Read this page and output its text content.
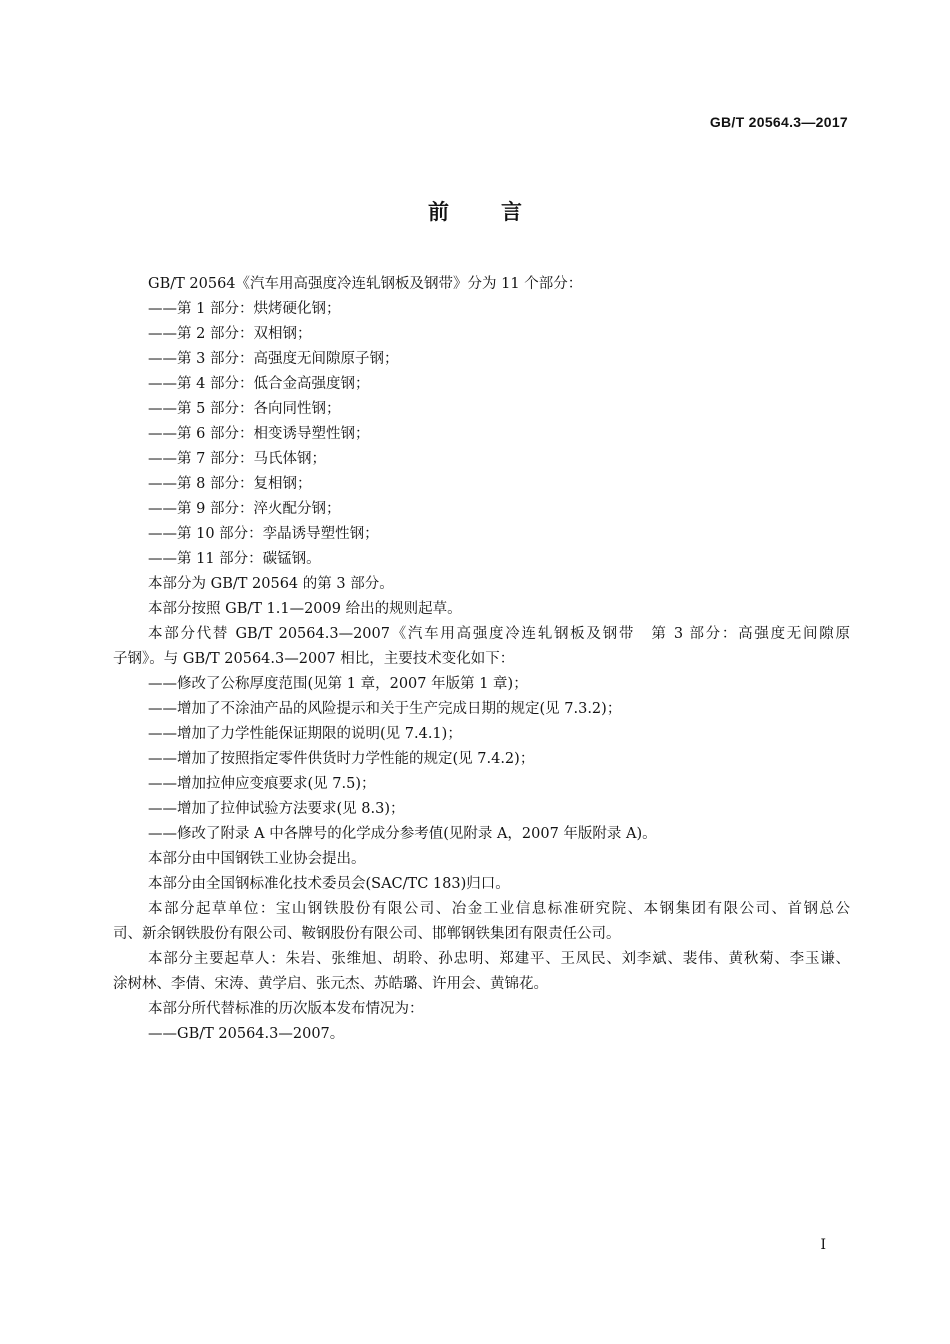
GB/T 20564.3—2017
前言
GB/T 20564《汽车用高强度冷连轧钢板及钢带》分为 11 个部分：
——第 1 部分：烘烤硬化钢；
——第 2 部分：双相钢；
——第 3 部分：高强度无间隙原子钢；
——第 4 部分：低合金高强度钢；
——第 5 部分：各向同性钢；
——第 6 部分：相变诱导塑性钢；
——第 7 部分：马氏体钢；
——第 8 部分：复相钢；
——第 9 部分：淬火配分钢；
——第 10 部分：孪晶诱导塑性钢；
——第 11 部分：碳锰钢。
本部分为 GB/T 20564 的第 3 部分。
本部分按照 GB/T 1.1—2009 给出的规则起草。
本部分代替 GB/T 20564.3—2007《汽车用高强度冷连轧钢板及钢带　第 3 部分：高强度无间隙原
子钢》。与 GB/T 20564.3—2007 相比，主要技术变化如下：
——修改了公称厚度范围(见第 1 章，2007 年版第 1 章)；
——增加了不涂油产品的风险提示和关于生产完成日期的规定(见 7.3.2)；
——增加了力学性能保证期限的说明(见 7.4.1)；
——增加了按照指定零件供货时力学性能的规定(见 7.4.2)；
——增加拉伸应变痕要求(见 7.5)；
——增加了拉伸试验方法要求(见 8.3)；
——修改了附录 A 中各牌号的化学成分参考值(见附录 A，2007 年版附录 A)。
本部分由中国钢铁工业协会提出。
本部分由全国钢标准化技术委员会(SAC/TC 183)归口。
本部分起草单位：宝山钢铁股份有限公司、冶金工业信息标准研究院、本钢集团有限公司、首钢总公
司、新余钢铁股份有限公司、鞍钢股份有限公司、邯郸钢铁集团有限责任公司。
本部分主要起草人：朱岩、张维旭、胡聆、孙忠明、郑建平、王凤民、刘李斌、裴伟、黄秋菊、李玉谦、
涂树林、李倩、宋涛、黄学启、张元杰、苏皓璐、许用会、黄锦花。
本部分所代替标准的历次版本发布情况为：
——GB/T 20564.3—2007。
I
